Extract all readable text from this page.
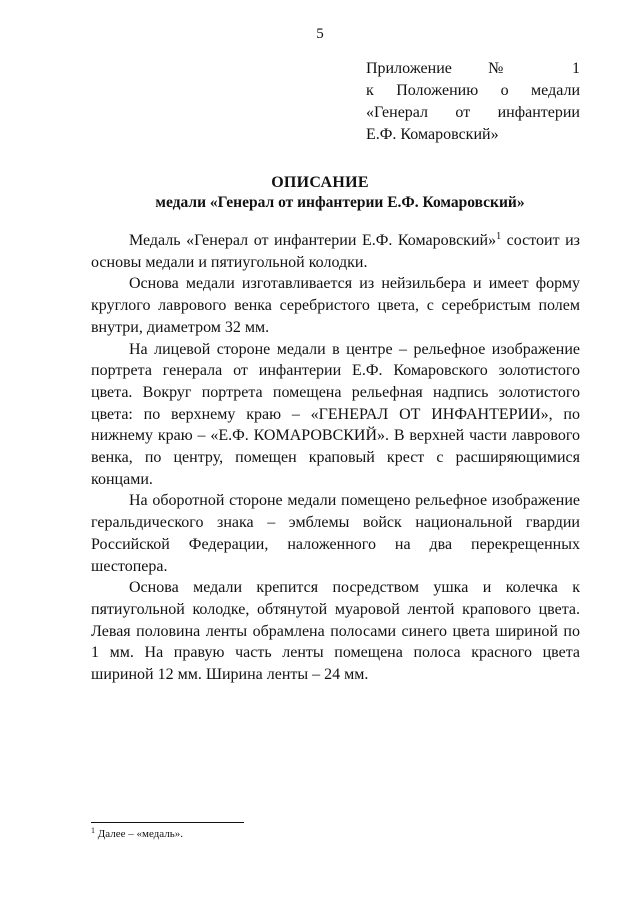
5
Приложение № 1
к Положению о медали
«Генерал от инфантерии
Е.Ф. Комаровский»
ОПИСАНИЕ
медали «Генерал от инфантерии Е.Ф. Комаровский»

Медаль «Генерал от инфантерии Е.Ф. Комаровский»$^1$ состоит из основы медали и пятиугольной колодки.

Основа медали изготавливается из нейзильбера и имеет форму круглого лаврового венка серебристого цвета, с серебристым полем внутри, диаметром 32 мм.

На лицевой стороне медали в центре – рельефное изображение портрета генерала от инфантерии Е.Ф. Комаровского золотистого цвета. Вокруг портрета помещена рельефная надпись золотистого цвета: по верхнему краю – «ГЕНЕРАЛ ОТ ИНФАНТЕРИИ», по нижнему краю – «Е.Ф. КОМАРОВСКИЙ». В верхней части лаврового венка, по центру, помещен краповый крест с расширяющимися концами.

На оборотной стороне медали помещено рельефное изображение геральдического знака – эмблемы войск национальной гвардии Российской Федерации, наложенного на два перекрещенных шестопера.

Основа медали крепится посредством ушка и колечка к пятиугольной колодке, обтянутой муаровой лентой крапового цвета. Левая половина ленты обрамлена полосами синего цвета шириной по 1 мм. На правую часть ленты помещена полоса красного цвета шириной 12 мм. Ширина ленты – 24 мм.

$^1$ Далее – «медаль».
